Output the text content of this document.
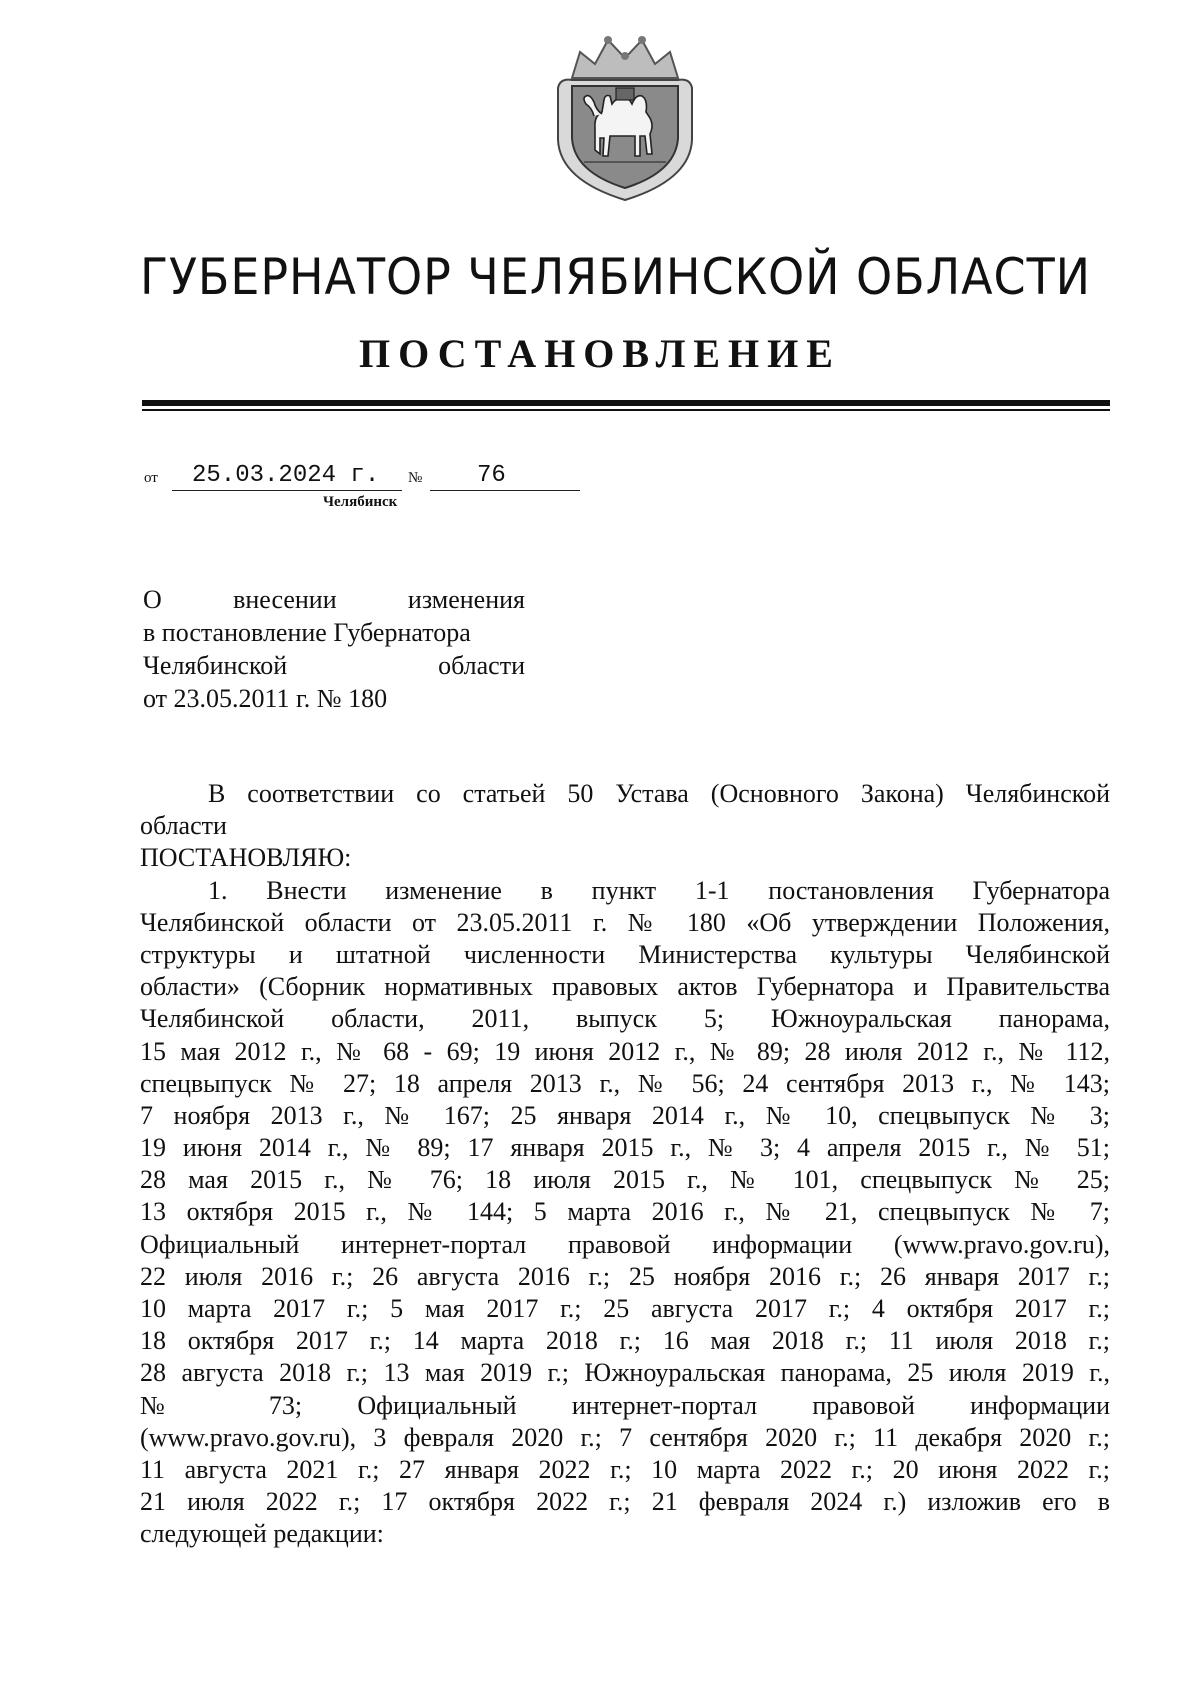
ГУБЕРНАТОР ЧЕЛЯБИНСКОЙ ОБЛАСТИ
ПОСТАНОВЛЕНИЕ
от 25.03.2024 г. № 76
Челябинск
О внесении изменения
в постановление Губернатора
Челябинской области
от 23.05.2011 г. № 180
В соответствии со статьей 50 Устава (Основного Закона) Челябинской
области
ПОСТАНОВЛЯЮ:
1. Внести изменение в пункт 1-1 постановления Губернатора
Челябинской области от 23.05.2011 г. № 180 «Об утверждении Положения,
структуры и штатной численности Министерства культуры Челябинской
области» (Сборник нормативных правовых актов Губернатора и Правительства
Челябинской области, 2011, выпуск 5; Южноуральская панорама,
15 мая 2012 г., № 68 - 69; 19 июня 2012 г., № 89; 28 июля 2012 г., № 112,
спецвыпуск № 27; 18 апреля 2013 г., № 56; 24 сентября 2013 г., № 143;
7 ноября 2013 г., № 167; 25 января 2014 г., № 10, спецвыпуск № 3;
19 июня 2014 г., № 89; 17 января 2015 г., № 3; 4 апреля 2015 г., № 51;
28 мая 2015 г., № 76; 18 июля 2015 г., № 101, спецвыпуск № 25;
13 октября 2015 г., № 144; 5 марта 2016 г., № 21, спецвыпуск № 7;
Официальный интернет-портал правовой информации (www.pravo.gov.ru),
22 июля 2016 г.; 26 августа 2016 г.; 25 ноября 2016 г.; 26 января 2017 г.;
10 марта 2017 г.; 5 мая 2017 г.; 25 августа 2017 г.; 4 октября 2017 г.;
18 октября 2017 г.; 14 марта 2018 г.; 16 мая 2018 г.; 11 июля 2018 г.;
28 августа 2018 г.; 13 мая 2019 г.; Южноуральская панорама, 25 июля 2019 г.,
№ 73; Официальный интернет-портал правовой информации
(www.pravo.gov.ru), 3 февраля 2020 г.; 7 сентября 2020 г.; 11 декабря 2020 г.;
11 августа 2021 г.; 27 января 2022 г.; 10 марта 2022 г.; 20 июня 2022 г.;
21 июля 2022 г.; 17 октября 2022 г.; 21 февраля 2024 г.) изложив его в
следующей редакции:
